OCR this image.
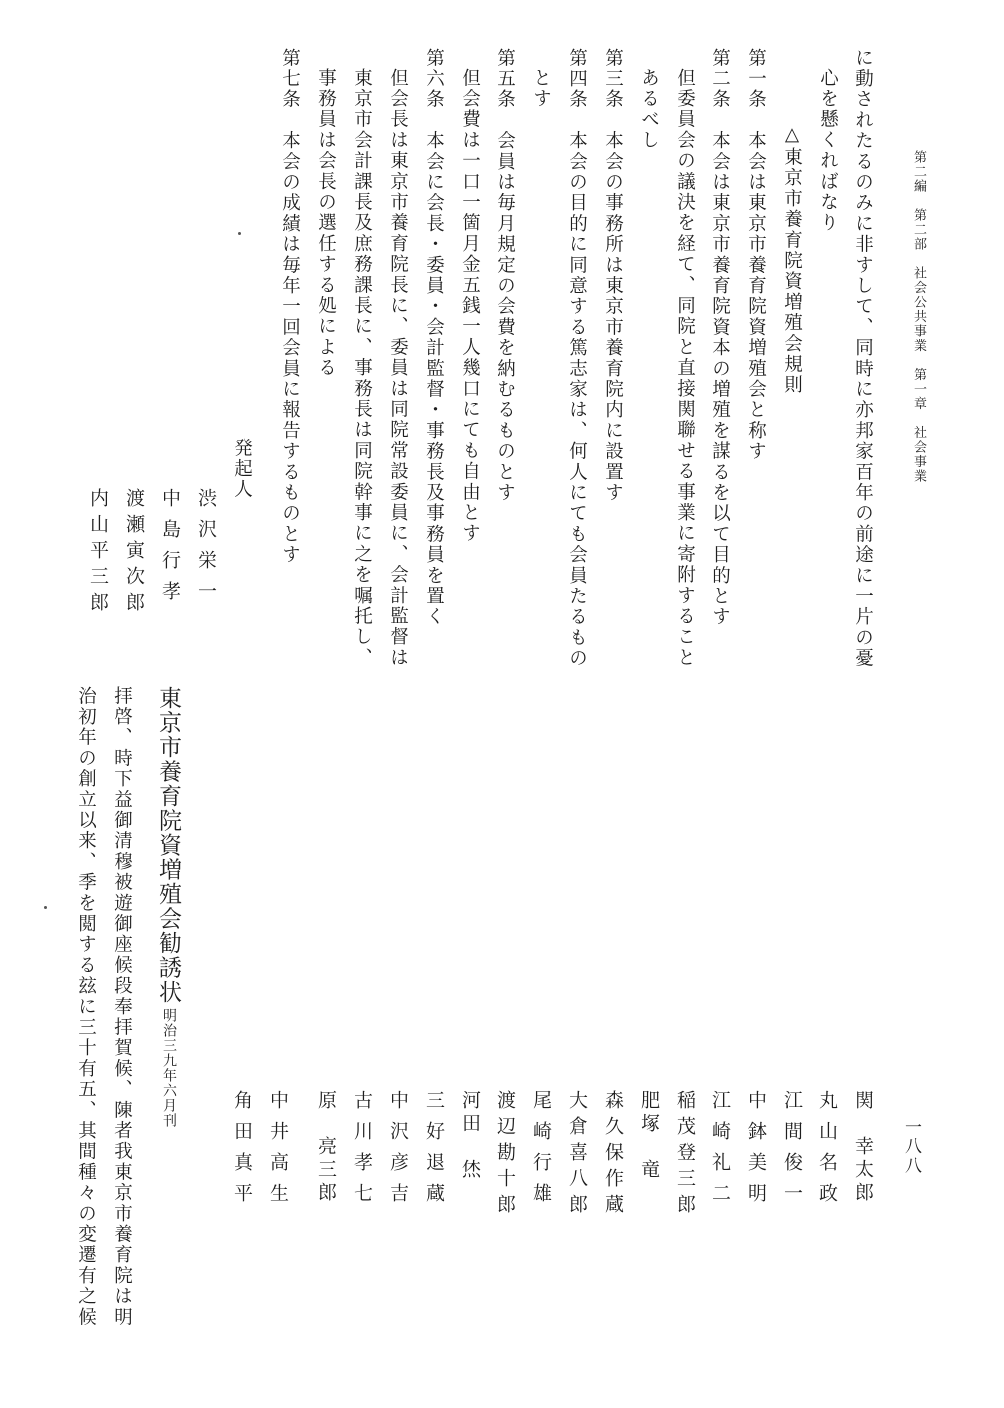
第二編　第二部　社会公共事業　第一章　社会事業
一八八
に動されたるのみに非すして、同時に亦邦家百年の前途に一片の憂
心を懸くればなり
△東京市養育院資増殖会規則
第一条　本会は東京市養育院資増殖会と称す
第二条　本会は東京市養育院資本の増殖を謀るを以て目的とす
但委員会の議決を経て、同院と直接関聯せる事業に寄附すること
あるべし
第三条　本会の事務所は東京市養育院内に設置す
第四条　本会の目的に同意する篤志家は、何人にても会員たるもの
とす
第五条　会員は毎月規定の会費を納むるものとす
但会費は一口一箇月金五銭一人幾口にても自由とす
第六条　本会に会長・委員・会計監督・事務長及事務員を置く
但会長は東京市養育院長に、委員は同院常設委員に、会計監督は
東京市会計課長及庶務課長に、事務長は同院幹事に之を嘱托し、
事務員は会長の選任する処による
第七条　本会の成績は毎年一回会員に報告するものとす
発起人
渋沢栄一
中島行孝
渡瀬寅次郎
内山平三郎
関　幸太郎
丸山名政
江間俊一
中鉢美明
江崎礼二
稲茂登三郎
肥塚　竜
森久保作蔵
大倉喜八郎
尾崎行雄
渡辺勘十郎
河田　烋
三好退蔵
中沢彦吉
古川孝七
原　亮三郎
中井高生
角田真平
明治三九年六月刊
東京市養育院資増殖会勧誘状
拝啓、時下益御清穆被遊御座候段奉拝賀候、陳者我東京市養育院は明
治初年の創立以来、季を閲する玆に三十有五、其間種々の変遷有之候
